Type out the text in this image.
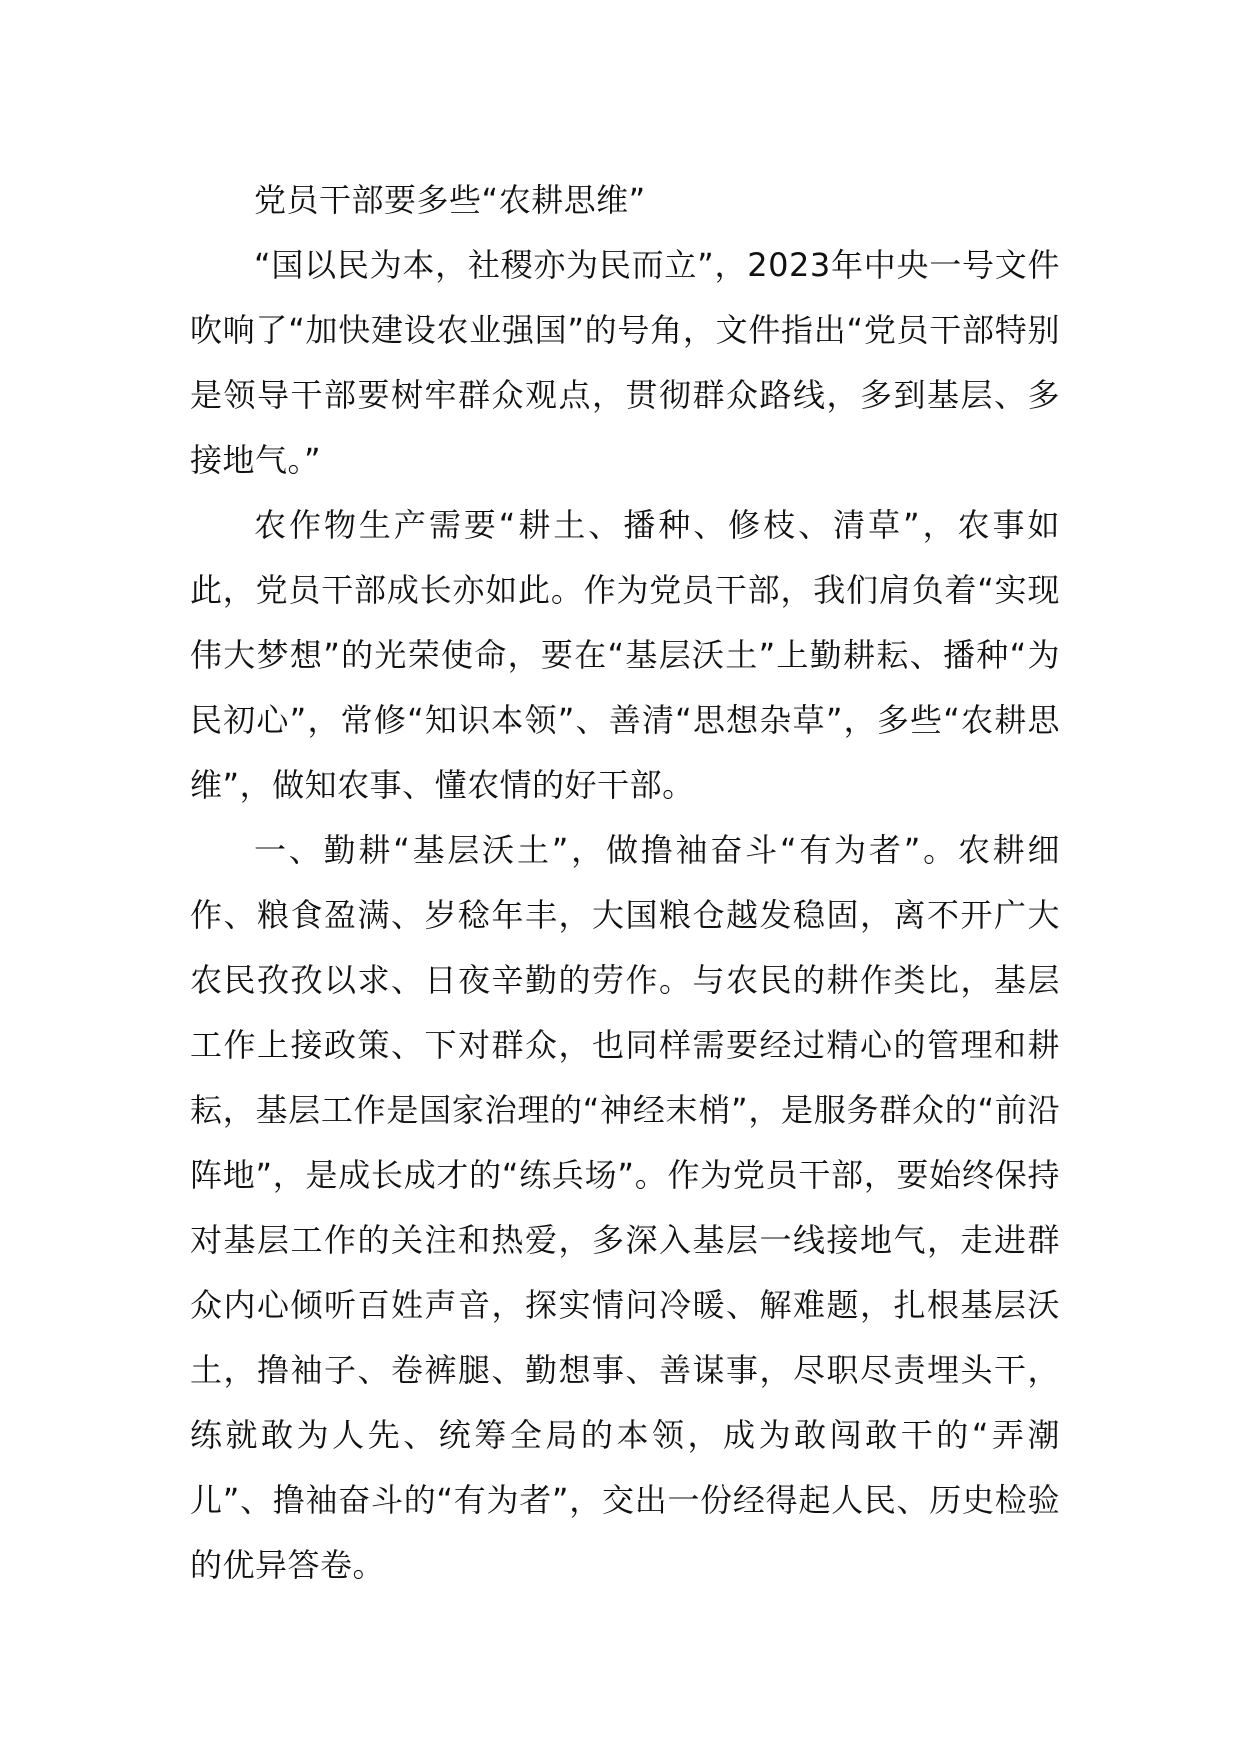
党员干部要多些“农耕思维”

“国以民为本，社稷亦为民而立”，2023年中央一号文件吹响了“加快建设农业强国”的号角，文件指出“党员干部特别是领导干部要树牢群众观点，贯彻群众路线，多到基层、多接地气。”

农作物生产需要“耕土、播种、修枝、清草”，农事如此，党员干部成长亦如此。作为党员干部，我们肩负着“实现伟大梦想”的光荣使命，要在“基层沃土”上勤耕耘、播种“为民初心”，常修“知识本领”、善清“思想杂草”，多些“农耕思维”，做知农事、懂农情的好干部。

一、勤耕“基层沃土”，做撸袖奋斗“有为者”。农耕细作、粮食盈满、岁稔年丰，大国粮仓越发稳固，离不开广大农民孜孜以求、日夜辛勤的劳作。与农民的耕作类比，基层工作上接政策、下对群众，也同样需要经过精心的管理和耕耘，基层工作是国家治理的“神经末梢”，是服务群众的“前沿阵地”，是成长成才的“练兵场”。作为党员干部，要始终保持对基层工作的关注和热爱，多深入基层一线接地气，走进群众内心倾听百姓声音，探实情问冷暖、解难题，扎根基层沃土，撸袖子、卷裤腿、勤想事、善谋事，尽职尽责埋头干，练就敢为人先、统筹全局的本领，成为敢闯敢干的“弄潮儿”、撸袖奋斗的“有为者”，交出一份经得起人民、历史检验的优异答卷。
